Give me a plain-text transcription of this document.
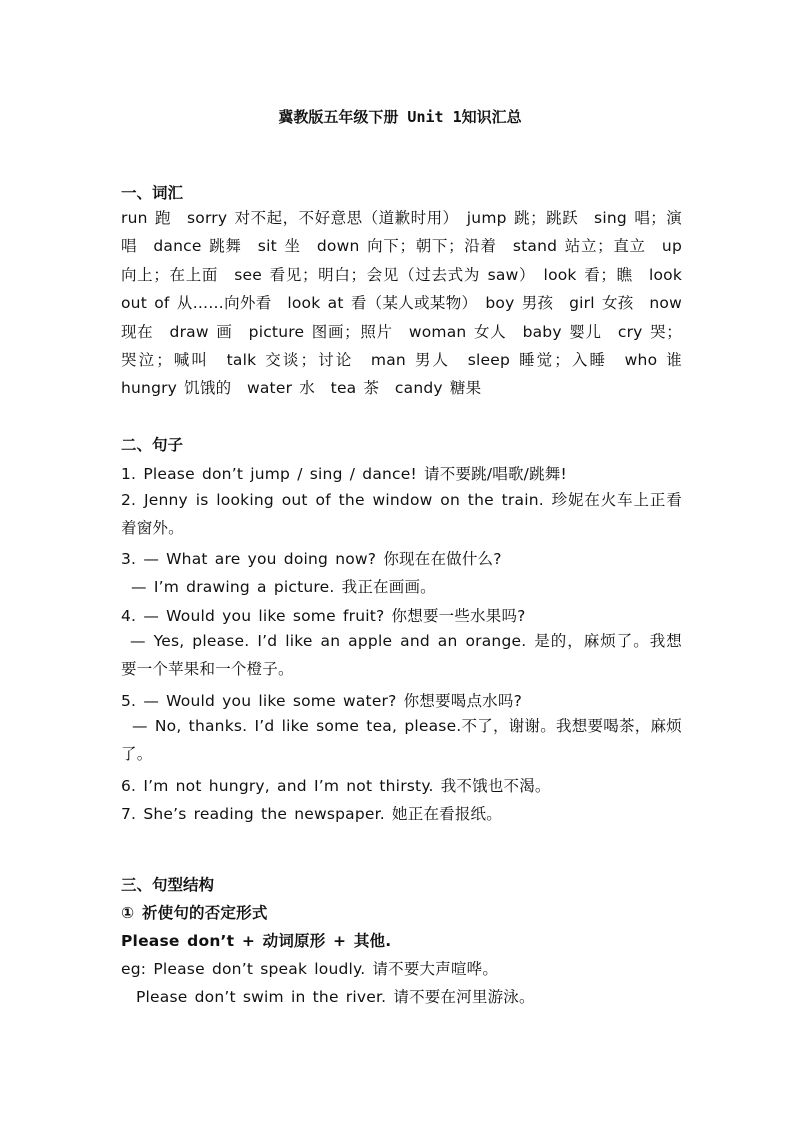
冀教版五年级下册 Unit 1知识汇总
一、词汇
run 跑　sorry 对不起，不好意思（道歉时用）　jump 跳；跳跃　sing 唱；演唱　dance 跳舞　sit 坐　down 向下；朝下；沿着　stand 站立；直立　up 向上；在上面　see 看见；明白；会见（过去式为 saw）　look 看；瞧　look out of 从……向外看　look at 看（某人或某物）　boy 男孩　girl 女孩　now 现在　draw 画　picture 图画；照片　woman 女人　baby 婴儿　cry 哭；哭泣；喊叫　talk 交谈；讨论　man 男人　sleep 睡觉；入睡　who 谁　hungry 饥饿的　water 水　tea 茶　candy 糖果
二、句子
1. Please don’t jump / sing / dance! 请不要跳/唱歌/跳舞!
2. Jenny is looking out of the window on the train. 珍妮在火车上正看着窗外。
3. — What are you doing now? 你现在在做什么?
— I’m drawing a picture. 我正在画画。
4. — Would you like some fruit? 你想要一些水果吗?
— Yes, please. I’d like an apple and an orange. 是的，麻烦了。我想要一个苹果和一个橙子。
5. — Would you like some water? 你想要喝点水吗?
— No, thanks. I’d like some tea, please.不了，谢谢。我想要喝茶，麻烦了。
6. I’m not hungry, and I’m not thirsty. 我不饿也不渴。
7. She’s reading the newspaper. 她正在看报纸。
三、句型结构
① 祈使句的否定形式
Please don’t + 动词原形 + 其他.
eg: Please don’t speak loudly. 请不要大声喧哗。
Please don’t swim in the river. 请不要在河里游泳。
